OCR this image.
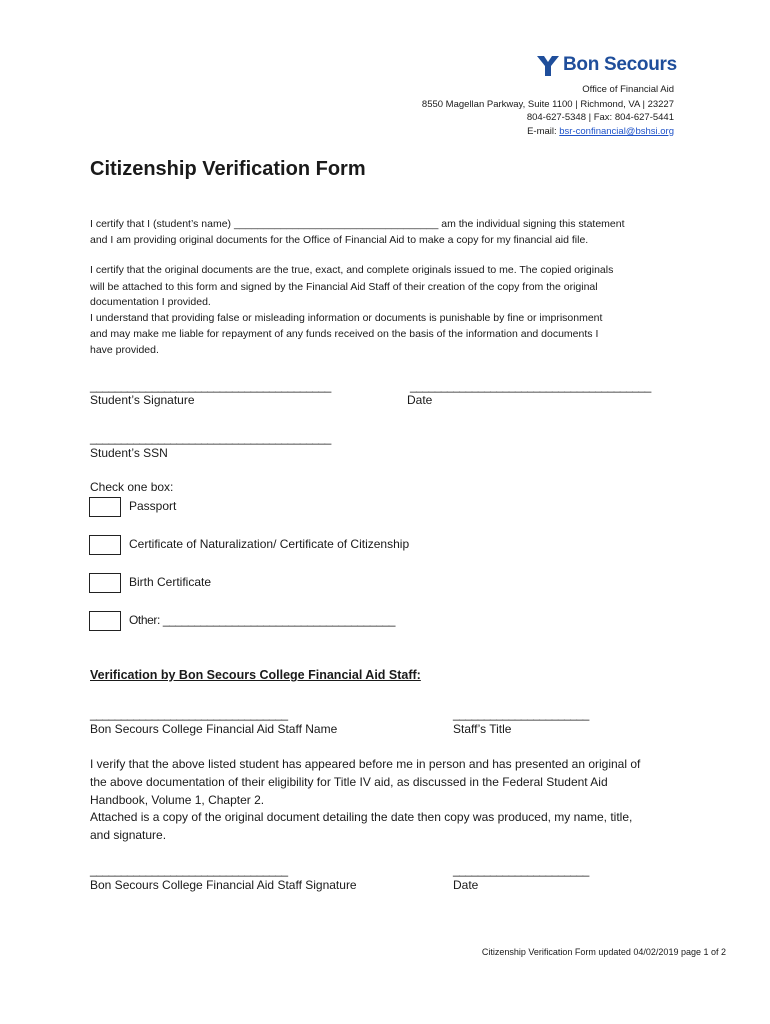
Bon Secours
Office of Financial Aid
8550 Magellan Parkway, Suite 1100 | Richmond, VA | 23227
804-627-5348 | Fax: 804-627-5441
E-mail: bsr-confinancial@bshsi.org
Citizenship Verification Form
I certify that I (student’s name) ___________________________________ am the individual signing this statement
and I am providing original documents for the Office of Financial Aid to make a copy for my financial aid file.
I certify that the original documents are the true, exact, and complete originals issued to me. The copied originals
will be attached to this form and signed by the Financial Aid Staff of their creation of the copy from the original
documentation I provided.
I understand that providing false or misleading information or documents is punishable by fine or imprisonment
and may make me liable for repayment of any funds received on the basis of the information and documents I
have provided.
_______________________________________
Student’s Signature
_______________________________________
Date
_______________________________________
Student’s SSN
Check one box:
Passport
Certificate of Naturalization/ Certificate of Citizenship
Birth Certificate
Other: _____________________________________
Verification by Bon Secours College Financial Aid Staff:
________________________________
Bon Secours College Financial Aid Staff Name
______________________
Staff’s Title
I verify that the above listed student has appeared before me in person and has presented an original of
the above documentation of their eligibility for Title IV aid, as discussed in the Federal Student Aid
Handbook, Volume 1, Chapter 2.
Attached is a copy of the original document detailing the date then copy was produced, my name, title,
and signature.
________________________________
Bon Secours College Financial Aid Staff Signature
______________________
Date
Citizenship Verification Form updated 04/02/2019 page 1 of 2
